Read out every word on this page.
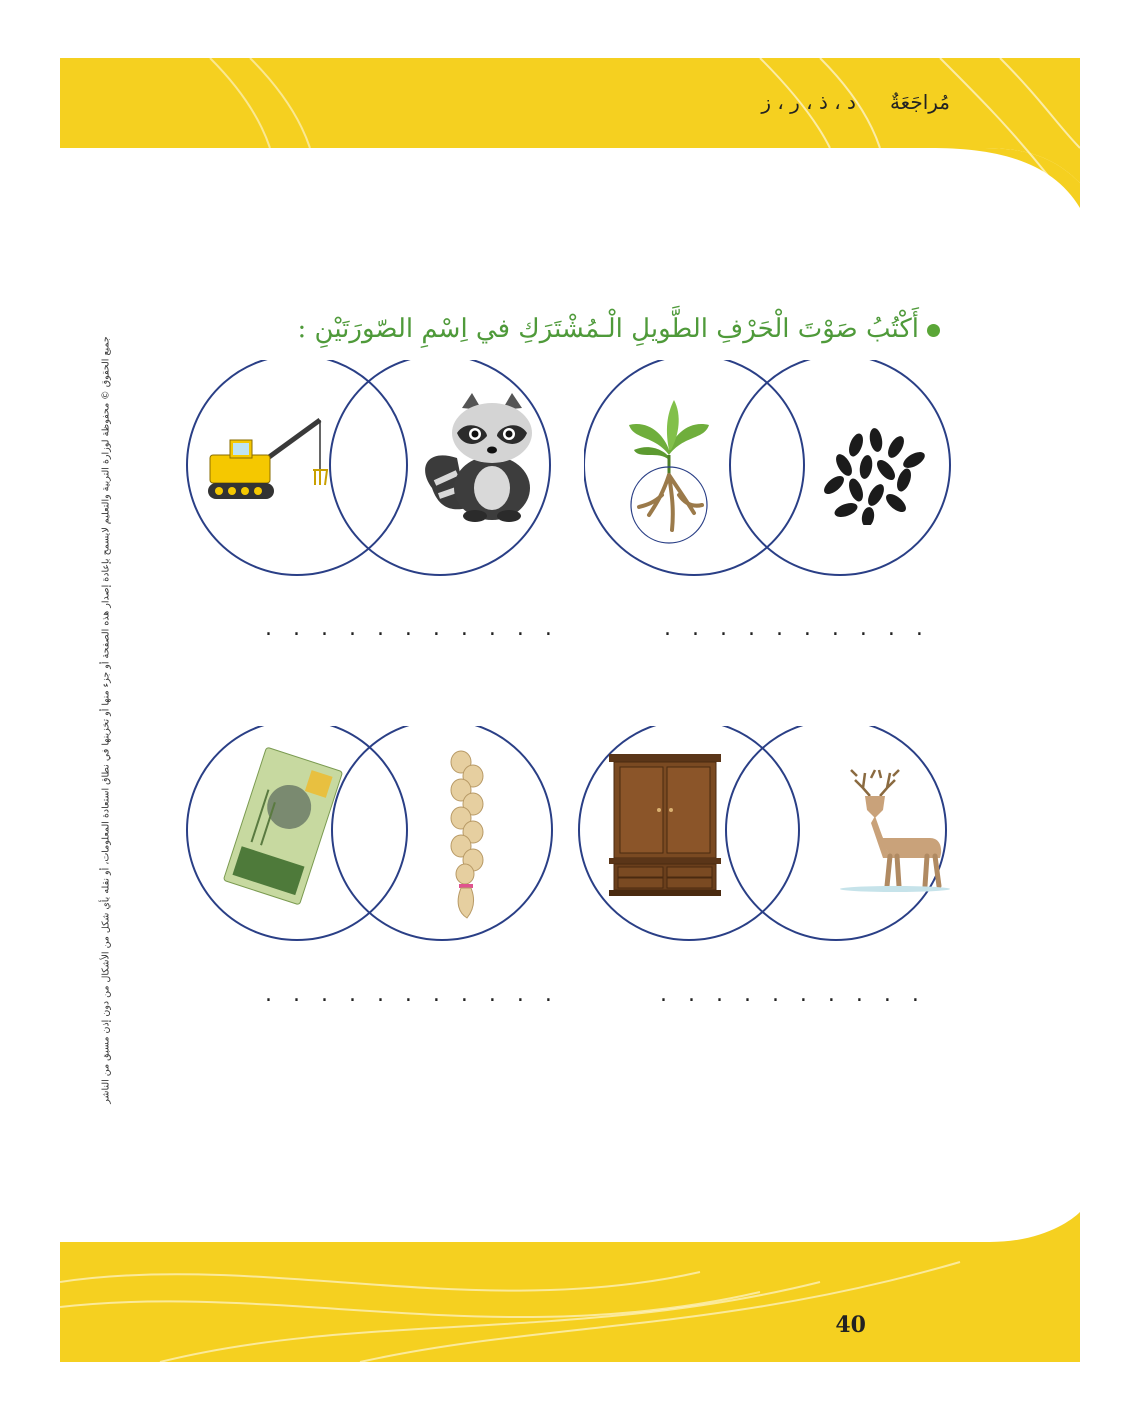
مُراجَعَةٌد ، ذ ، ر ، ز
40
أَكْتُبُ صَوْتَ الْحَرْفِ الطَّويلِ الْـمُشْتَرَكِ في اِسْمِ الصّورَتَيْنِ :
جميع الحقوق © محفوظة لوزارة التربية والتعليم لايسمح بإعادة إصدار هذه الصفحة أو جزء منها أو تخزينها في نطاق استعادة المعلومات، أو نقله بأي شكل من الأشكال من دون إذن مسبق من الناشر	. . . . . . . . . . .	. . . . . . . . . .
. . . . . . . . . . .	. . . . . . . . . .
